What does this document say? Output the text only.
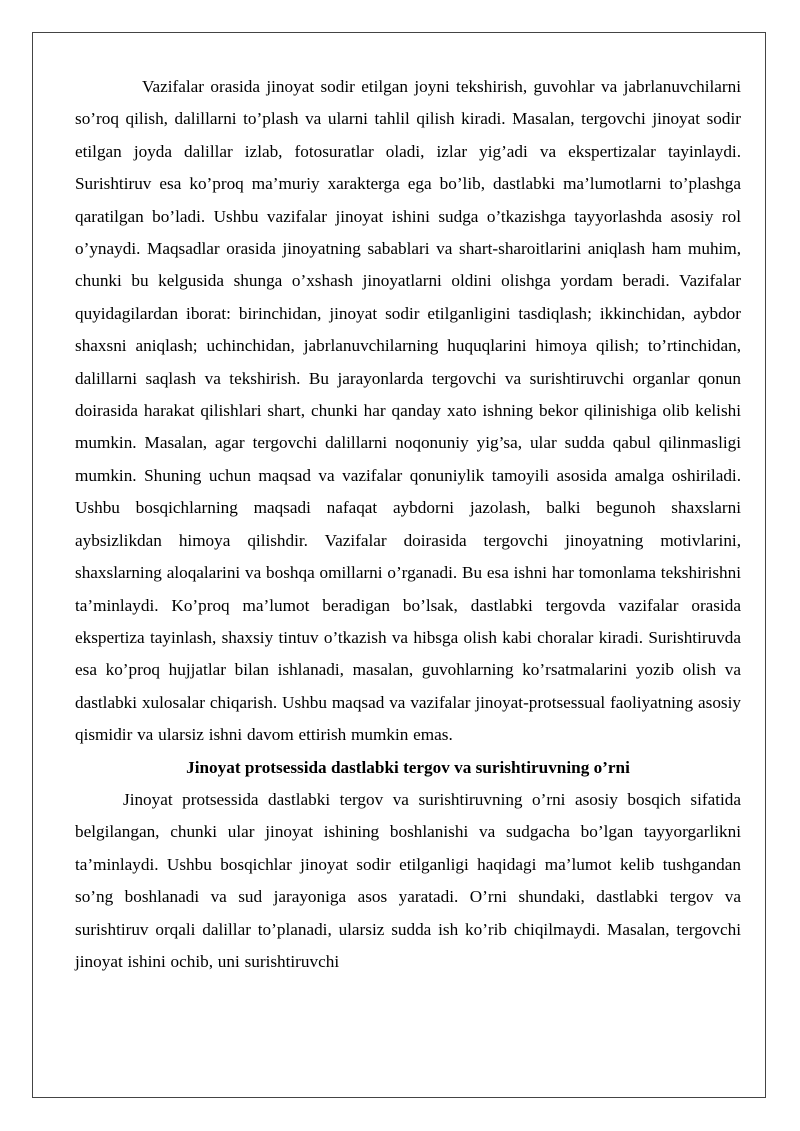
Vazifalar orasida jinoyat sodir etilgan joyni tekshirish, guvohlar va jabrlanuvchilarni so’roq qilish, dalillarni to’plash va ularni tahlil qilish kiradi. Masalan, tergovchi jinoyat sodir etilgan joyda dalillar izlab, fotosuratlar oladi, izlar yig’adi va ekspertizalar tayinlaydi. Surishtiruv esa ko’proq ma’muriy xarakterga ega bo’lib, dastlabki ma’lumotlarni to’plashga qaratilgan bo’ladi. Ushbu vazifalar jinoyat ishini sudga o’tkazishga tayyorlashda asosiy rol o’ynaydi. Maqsadlar orasida jinoyatning sabablari va shart-sharoitlarini aniqlash ham muhim, chunki bu kelgusida shunga o’xshash jinoyatlarni oldini olishga yordam beradi. Vazifalar quyidagilardan iborat: birinchidan, jinoyat sodir etilganligini tasdiqlash; ikkinchidan, aybdor shaxsni aniqlash; uchinchidan, jabrlanuvchilarning huquqlarini himoya qilish; to’rtinchidan, dalillarni saqlash va tekshirish. Bu jarayonlarda tergovchi va surishtiruvchi organlar qonun doirasida harakat qilishlari shart, chunki har qanday xato ishning bekor qilinishiga olib kelishi mumkin. Masalan, agar tergovchi dalillarni noqonuniy yig’sa, ular sudda qabul qilinmasligi mumkin. Shuning uchun maqsad va vazifalar qonuniylik tamoyili asosida amalga oshiriladi. Ushbu bosqichlarning maqsadi nafaqat aybdorni jazolash, balki begunoh shaxslarni aybsizlikdan himoya qilishdir. Vazifalar doirasida tergovchi jinoyatning motivlarini, shaxslarning aloqalarini va boshqa omillarni o’rganadi. Bu esa ishni har tomonlama tekshirishni ta’minlaydi. Ko’proq ma’lumot beradigan bo’lsak, dastlabki tergovda vazifalar orasida ekspertiza tayinlash, shaxsiy tintuv o’tkazish va hibsga olish kabi choralar kiradi. Surishtiruvda esa ko’proq hujjatlar bilan ishlanadi, masalan, guvohlarning ko’rsatmalarini yozib olish va dastlabki xulosalar chiqarish. Ushbu maqsad va vazifalar jinoyat-protsessual faoliyatning asosiy qismidir va ularsiz ishni davom ettirish mumkin emas.

Jinoyat protsessida dastlabki tergov va surishtiruvning o’rni

Jinoyat protsessida dastlabki tergov va surishtiruvning o’rni asosiy bosqich sifatida belgilangan, chunki ular jinoyat ishining boshlanishi va sudgacha bo’lgan tayyorgarlikni ta’minlaydi. Ushbu bosqichlar jinoyat sodir etilganligi haqidagi ma’lumot kelib tushgandan so’ng boshlanadi va sud jarayoniga asos yaratadi. O’rni shundaki, dastlabki tergov va surishtiruv orqali dalillar to’planadi, ularsiz sudda ish ko’rib chiqilmaydi. Masalan, tergovchi jinoyat ishini ochib, uni surishtiruvchi
